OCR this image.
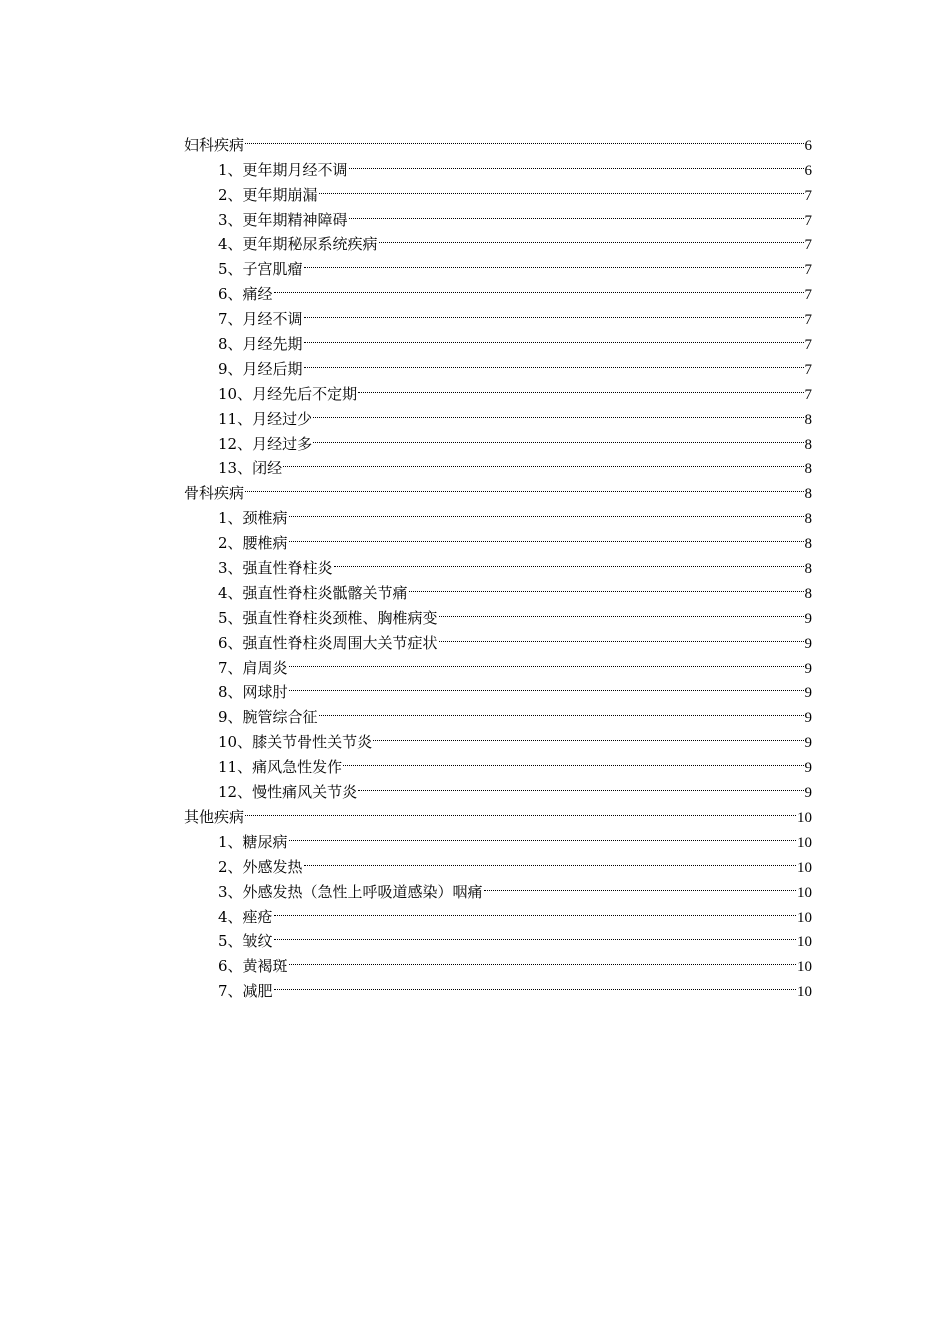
妇科疾病	6
1、更年期月经不调	6
2、更年期崩漏	7
3、更年期精神障碍	7
4、更年期秘尿系统疾病	7
5、子宫肌瘤	7
6、痛经	7
7、月经不调	7
8、月经先期	7
9、月经后期	7
10、月经先后不定期	7
11、月经过少	8
12、月经过多	8
13、闭经	8
骨科疾病	8
1、颈椎病	8
2、腰椎病	8
3、强直性脊柱炎	8
4、强直性脊柱炎骶髂关节痛	8
5、强直性脊柱炎颈椎、胸椎病变	9
6、强直性脊柱炎周围大关节症状	9
7、肩周炎	9
8、网球肘	9
9、腕管综合征	9
10、膝关节骨性关节炎	9
11、痛风急性发作	9
12、慢性痛风关节炎	9
其他疾病	10
1、糖尿病	10
2、外感发热	10
3、外感发热（急性上呼吸道感染）咽痛	10
4、痤疮	10
5、皱纹	10
6、黄褐斑	10
7、减肥	10
